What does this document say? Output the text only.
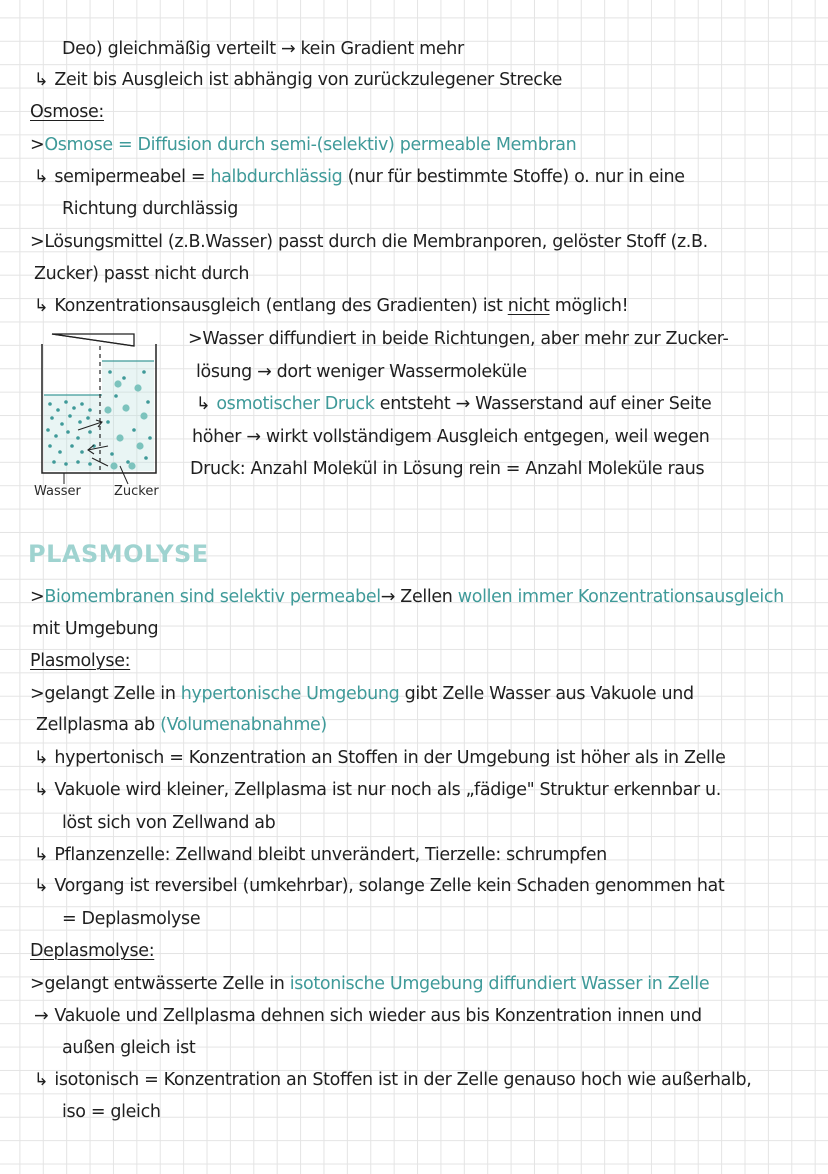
Deo) gleichmäßig verteilt → kein Gradient mehr
↳ Zeit bis Ausgleich ist abhängig von zurückzulegener Strecke
Osmose:
>Osmose = Diffusion durch semi-(selektiv) permeable Membran
↳ semipermeabel = halbdurchlässig (nur für bestimmte Stoffe) o. nur in eine
Richtung durchlässig
>Lösungsmittel (z.B.Wasser) passt durch die Membranporen, gelöster Stoff (z.B.
Zucker) passt nicht durch
↳ Konzentrationsausgleich (entlang des Gradienten) ist nicht möglich!
Wasser	Zucker
>Wasser diffundiert in beide Richtungen, aber mehr zur Zucker-
lösung → dort weniger Wassermoleküle
↳ osmotischer Druck entsteht → Wasserstand auf einer Seite
höher → wirkt vollständigem Ausgleich entgegen, weil wegen
Druck: Anzahl Molekül in Lösung rein = Anzahl Moleküle raus
PLASMOLYSE
>Biomembranen sind selektiv permeabel→ Zellen wollen immer Konzentrationsausgleich
mit Umgebung
Plasmolyse:
>gelangt Zelle in hypertonische Umgebung gibt Zelle Wasser aus Vakuole und
Zellplasma ab (Volumenabnahme)
↳ hypertonisch = Konzentration an Stoffen in der Umgebung ist höher als in Zelle
↳ Vakuole wird kleiner, Zellplasma ist nur noch als „fädige" Struktur erkennbar u.
löst sich von Zellwand ab
↳ Pflanzenzelle: Zellwand bleibt unverändert, Tierzelle: schrumpfen
↳ Vorgang ist reversibel (umkehrbar), solange Zelle kein Schaden genommen hat
= Deplasmolyse
Deplasmolyse:
>gelangt entwässerte Zelle in isotonische Umgebung diffundiert Wasser in Zelle
→ Vakuole und Zellplasma dehnen sich wieder aus bis Konzentration innen und
außen gleich ist
↳ isotonisch = Konzentration an Stoffen ist in der Zelle genauso hoch wie außerhalb,
iso = gleich
